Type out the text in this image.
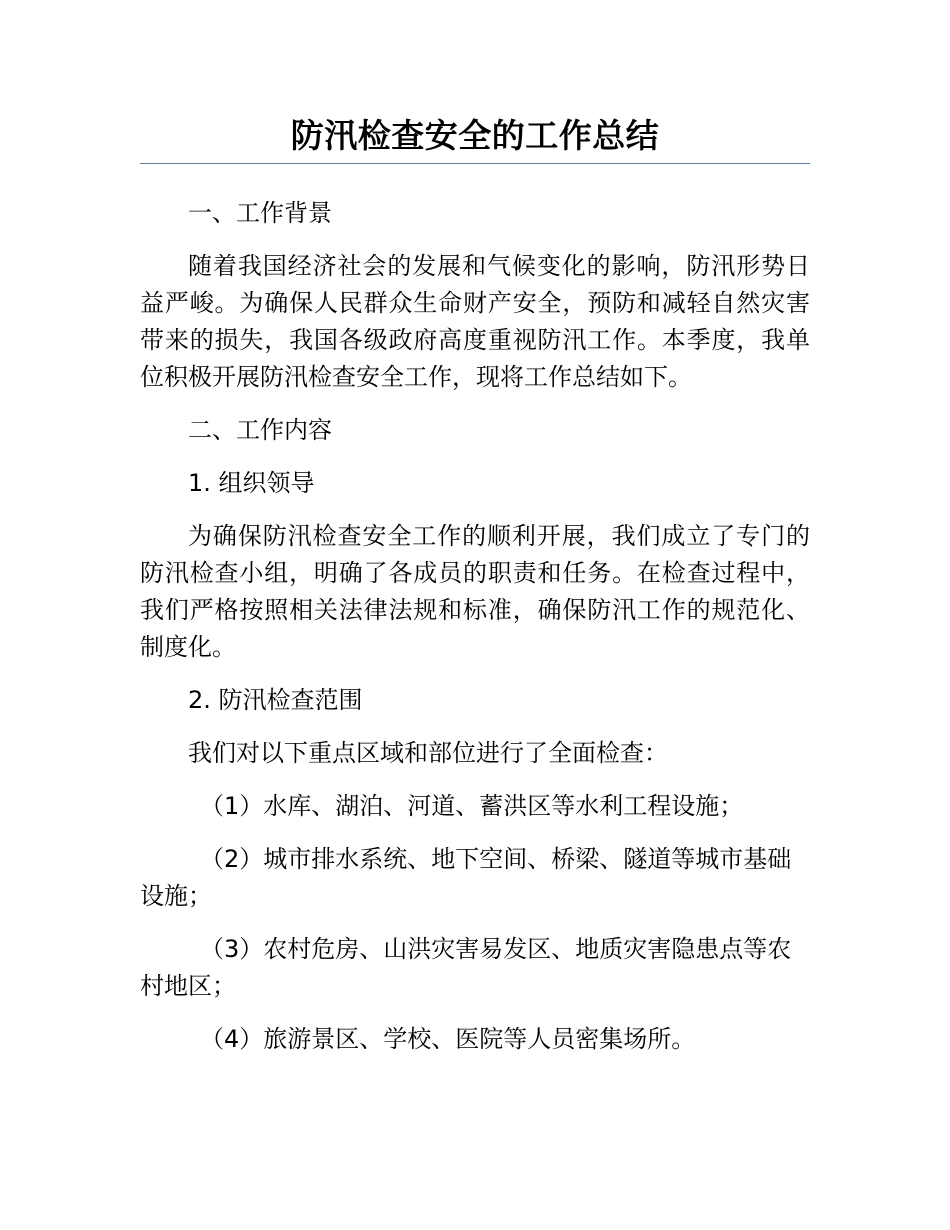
防汛检查安全的工作总结

一、工作背景

随着我国经济社会的发展和气候变化的影响，防汛形势日益严峻。为确保人民群众生命财产安全，预防和减轻自然灾害带来的损失，我国各级政府高度重视防汛工作。本季度，我单位积极开展防汛检查安全工作，现将工作总结如下。

二、工作内容

1. 组织领导

为确保防汛检查安全工作的顺利开展，我们成立了专门的防汛检查小组，明确了各成员的职责和任务。在检查过程中，我们严格按照相关法律法规和标准，确保防汛工作的规范化、制度化。

2. 防汛检查范围

我们对以下重点区域和部位进行了全面检查：

（1）水库、湖泊、河道、蓄洪区等水利工程设施；

（2）城市排水系统、地下空间、桥梁、隧道等城市基础设施；

（3）农村危房、山洪灾害易发区、地质灾害隐患点等农村地区；

（4）旅游景区、学校、医院等人员密集场所。
